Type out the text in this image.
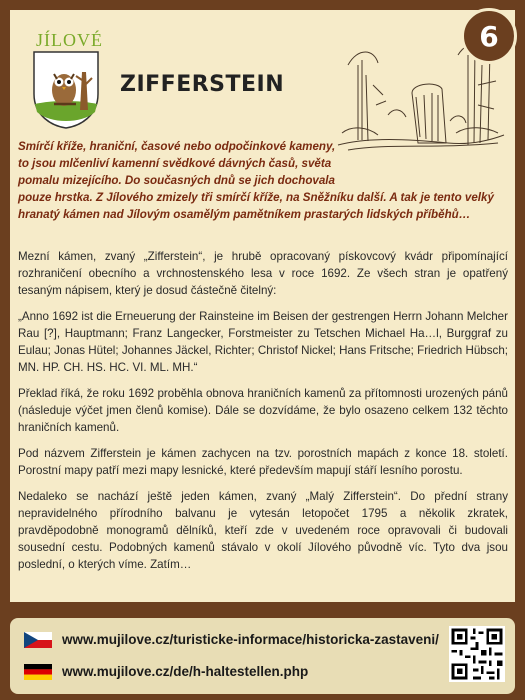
JÍLOVÉ
ZIFFERSTEIN
6
Smírčí kříže, hraniční, časové nebo odpočinkové kameny,
to jsou mlčenliví kamenní svědkové dávných časů, světa
pomalu mizejícího. Do současných dnů se jich dochovala
pouze hrstka. Z Jílového zmizely tři smírčí kříže, na Sněžníku další. A tak je tento velký
hranatý kámen nad Jílovým osamělým pamětníkem prastarých lidských příběhů…

Mezní kámen, zvaný „Zifferstein“, je hrubě opracovaný pískovcový kvádr připomínající rozhraničení obecního a vrchnostenského lesa v roce 1692. Ze všech stran je opatřený tesaným nápisem, který je dosud částečně čitelný:

„Anno 1692 ist die Erneuerung der Rainsteine im Beisen der gestrengen Herrn Johann Melcher Rau [?], Hauptmann; Franz Langecker, Forstmeister zu Tetschen Michael Ha…l, Burggraf zu Eulau; Jonas Hütel; Johannes Jäckel, Richter; Christof Nickel; Hans Fritsche; Friedrich Hübsch; MN. HP. CH. HS. HC. VI. ML. MH.“

Překlad říká, že roku 1692 proběhla obnova hraničních kamenů za přítomnosti urozených pánů (následuje výčet jmen členů komise). Dále se dozvídáme, že bylo osazeno celkem 132 těchto hraničních kamenů.

Pod názvem Zifferstein je kámen zachycen na tzv. porostních mapách z konce 18. století. Porostní mapy patří mezi mapy lesnické, které především mapují stáří lesního porostu.

Nedaleko se nachází ještě jeden kámen, zvaný „Malý Zifferstein“. Do přední strany nepravidelného přírodního balvanu je vytesán letopočet 1795 a několik zkratek, pravděpodobně monogramů dělníků, kteří zde v uvedeném roce opravovali či budovali sousední cestu. Podobných kamenů stávalo v okolí Jílového původně víc. Tyto dva jsou poslední, o kterých víme. Zatím…

www.mujilove.cz/turisticke-informace/historicka-zastaveni/
www.mujilove.cz/de/h-haltestellen.php
